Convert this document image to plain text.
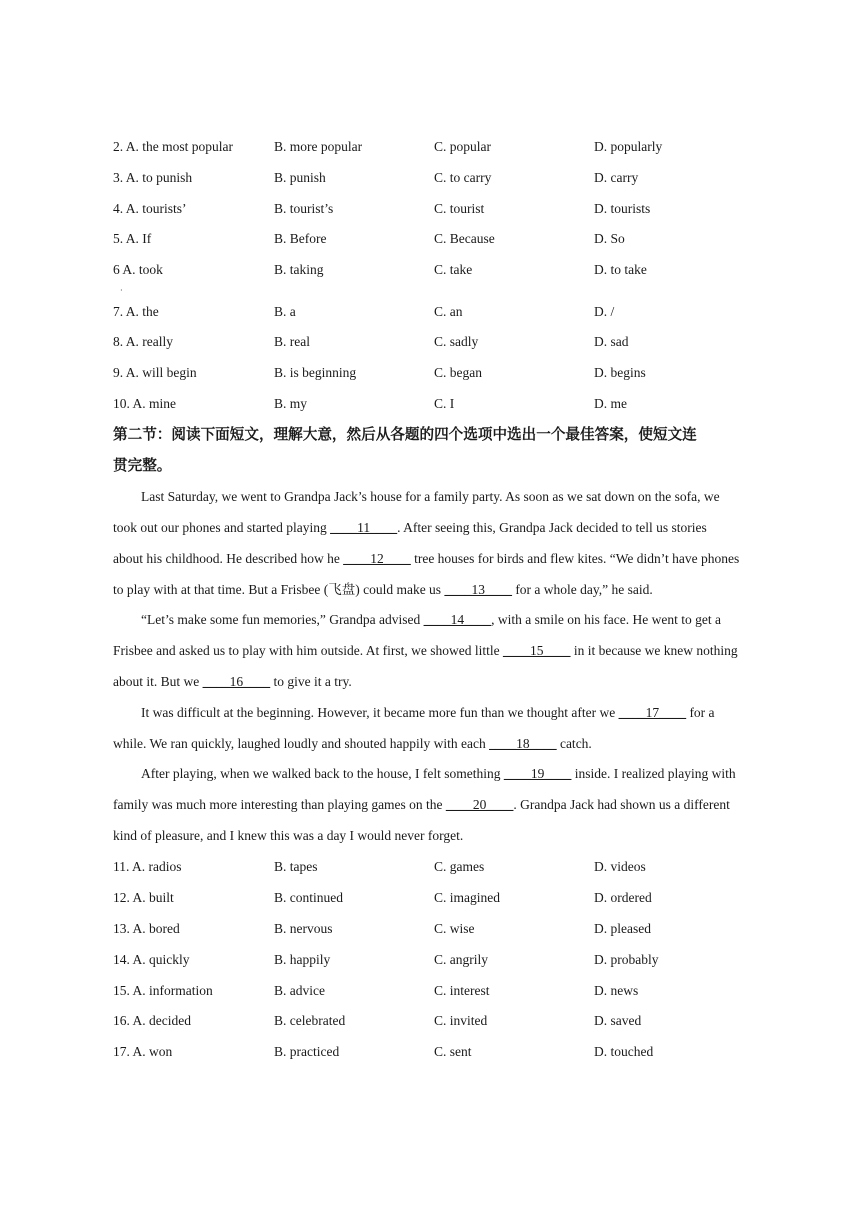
2. A. the most popular	B. more popular	C. popular	D. popularly
3. A. to punish	B. punish	C. to carry	D. carry
4. A. tourists’	B. tourist’s	C. tourist	D. tourists
5. A. If	B. Before	C. Because	D. So
6 A. took	B. taking	C. take	D. to take
·
7. A. the	B. a	C. an	D. /
8. A. really	B. real	C. sadly	D. sad
9. A. will begin	B. is beginning	C. began	D. begins
10. A. mine	B. my	C. I	D. me
第二节：阅读下面短文，理解大意，然后从各题的四个选项中选出一个最佳答案，使短文连
贯完整。
Last Saturday, we went to Grandpa Jack’s house for a family party. As soon as we sat down on the sofa, we
took out our phones and started playing ____11____. After seeing this, Grandpa Jack decided to tell us stories
about his childhood. He described how he ____12____ tree houses for birds and flew kites. “We didn’t have phones
to play with at that time. But a Frisbee (飞盘) could make us ____13____ for a whole day,” he said.
“Let’s make some fun memories,” Grandpa advised ____14____, with a smile on his face. He went to get a
Frisbee and asked us to play with him outside. At first, we showed little ____15____ in it because we knew nothing
about it. But we ____16____ to give it a try.
It was difficult at the beginning. However, it became more fun than we thought after we ____17____ for a
while. We ran quickly, laughed loudly and shouted happily with each ____18____ catch.
After playing, when we walked back to the house, I felt something ____19____ inside. I realized playing with
family was much more interesting than playing games on the ____20____. Grandpa Jack had shown us a different
kind of pleasure, and I knew this was a day I would never forget.
11. A. radios	B. tapes	C. games	D. videos
12. A. built	B. continued	C. imagined	D. ordered
13. A. bored	B. nervous	C. wise	D. pleased
14. A. quickly	B. happily	C. angrily	D. probably
15. A. information	B. advice	C. interest	D. news
16. A. decided	B. celebrated	C. invited	D. saved
17. A. won	B. practiced	C. sent	D. touched
